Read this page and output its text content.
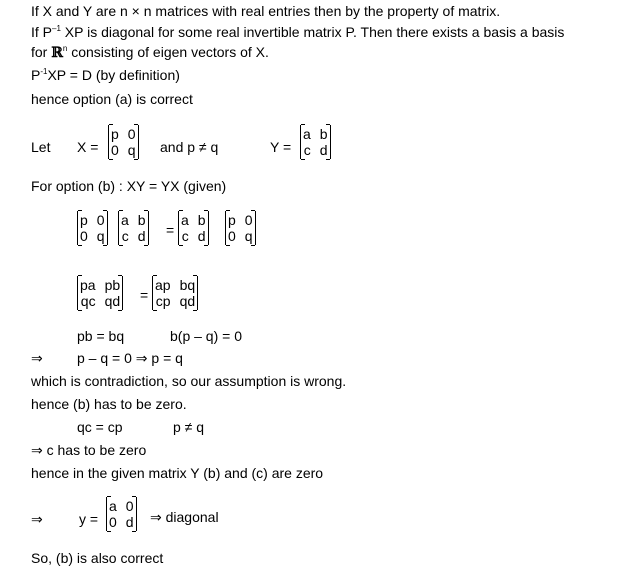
If X and Y are n × n matrices with real entries then by the property of matrix.
If $P^{-1}$ XP is diagonal for some real invertible matrix P. Then there exists a basis a basis
for ℝ$^n$ consisting of eigen vectors of X.
$P^{-1}XP = D$ (by definition)
hence option (a) is correct
Let X =
p 0
0 q and p ≠ q	Y =
a b
c d
For option (b) : XY = YX (given)
p 0
0 q
a b
c d =
a b
c d
p 0
0 q
pa pb
qc qd =
ap bq
cp qd
pb = bq	b(p – q) = 0
⇒ p – q = 0 ⇒ p = q
which is contradiction, so our assumption is wrong.
hence (b) has to be zero.
qc = cp	p ≠ q
⇒ c has to be zero
hence in the given matrix Y (b) and (c) are zero
⇒	y =
a 0
0 d ⇒ diagonal
So, (b) is also correct
